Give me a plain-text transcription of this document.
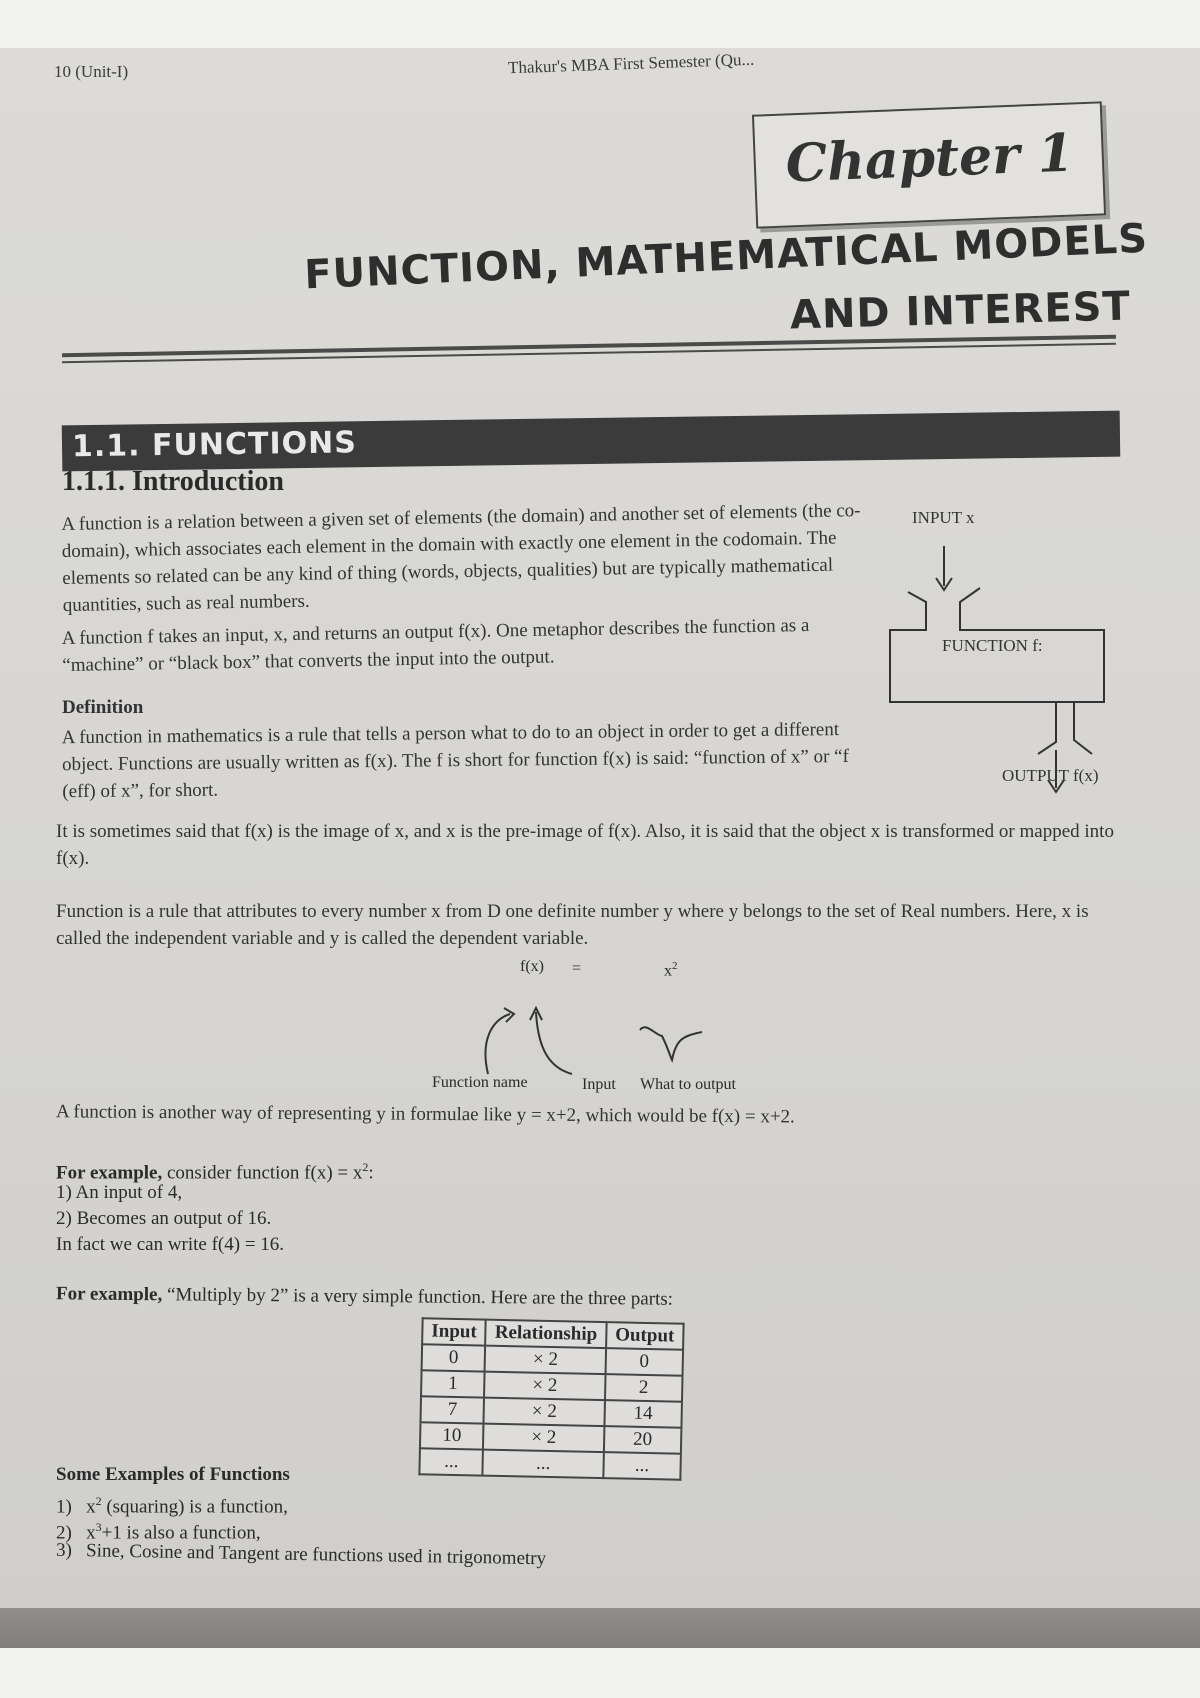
10 (Unit-I)	Thakur's MBA First Semester (Qu...
Chapter 1
FUNCTION, MATHEMATICAL MODELS
AND INTEREST
1.1. FUNCTIONS
1.1.1. Introduction
A function is a relation between a given set of elements (the domain) and another set of elements (the co-domain), which associates each element in the domain with exactly one element in the codomain. The elements so related can be any kind of thing (words, objects, qualities) but are typically mathematical quantities, such as real numbers.
A function f takes an input, x, and returns an output f(x). One metaphor describes the function as a “machine” or “black box” that converts the input into the output.
Definition
A function in mathematics is a rule that tells a person what to do to an object in order to get a different object. Functions are usually written as f(x). The f is short for function f(x) is said: “function of x” or “f (eff) of x”, for short.
INPUT x
FUNCTION f:
OUTPUT f(x)
It is sometimes said that f(x) is the image of x, and x is the pre-image of f(x). Also, it is said that the object x is transformed or mapped into f(x).
Function is a rule that attributes to every number x from D one definite number y where y belongs to the set of Real numbers. Here, x is called the independent variable and y is called the dependent variable.
f(x) =	$x^2$
Function name	Input What to output
A function is another way of representing y in formulae like y = x+2, which would be f(x) = x+2.
For example, consider function $f(x) = x^2$:
1) An input of 4,
2) Becomes an output of 16.
In fact we can write f(4) = 16.
For example, “Multiply by 2” is a very simple function. Here are the three parts:
Input	Relationship	Output
0	× 2	0
1	× 2	2
7	× 2	14
10	× 2	20
...	...	...
Some Examples of Functions
1) $x^2$ (squaring) is a function,
2) $x^3+1$ is also a function,
3) Sine, Cosine and Tangent are functions used in trigonometry
